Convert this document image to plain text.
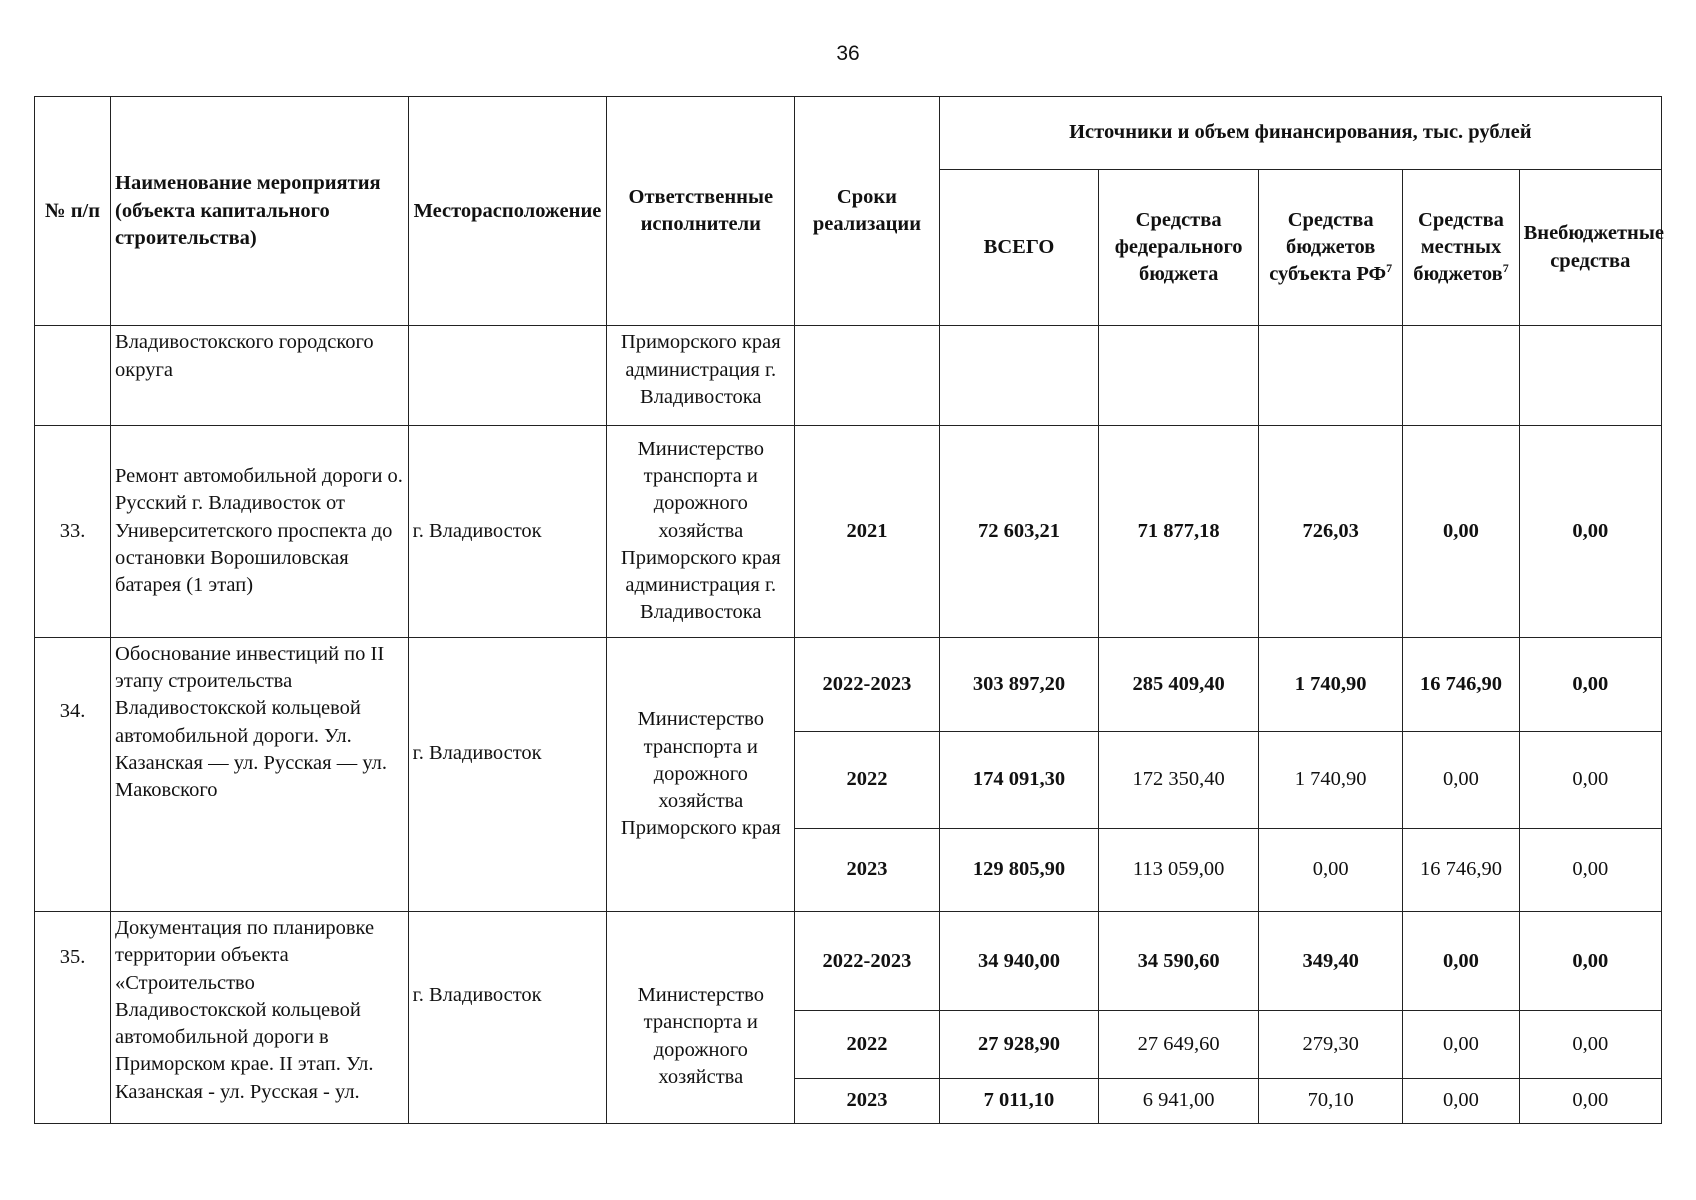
36
№ п/п	Наименование мероприятия (объекта капитального строительства)	Месторасположение	Ответственные исполнители	Сроки реализации	Источники и объем финансирования, тыс. рублей				
					ВСЕГО	Средства федерального бюджета	Средства бюджетов субъекта $РФ^7$	Средства местных бюджетов$^7$	Внебюджетные средства
	Владивостокского городского округа		Приморского края администрация г. Владивостока						
33.	Ремонт автомобильной дороги о. Русский г. Владивосток от Университетского проспекта до остановки Ворошиловская батарея (1 этап)	г. Владивосток	Министерство транспорта и дорожного хозяйства Приморского края администрация г. Владивостока	2021	72 603,21	71 877,18	726,03	0,00	0,00
34.	Обоснование инвестиций по II этапу строительства Владивостокской кольцевой автомобильной дороги. Ул. Казанская — ул. Русская — ул. Маковского	г. Владивосток	Министерство транспорта и дорожного хозяйства Приморского края	2022-2023	303 897,20	285 409,40	1 740,90	16 746,90	0,00
				2022	174 091,30	172 350,40	1 740,90	0,00	0,00
				2023	129 805,90	113 059,00	0,00	16 746,90	0,00
35.	Документация по планировке территории объекта «Строительство Владивостокской кольцевой автомобильной дороги в Приморском крае. II этап. Ул. Казанская - ул. Русская - ул.	г. Владивосток	Министерство транспорта и дорожного хозяйства	2022-2023	34 940,00	34 590,60	349,40	0,00	0,00
				2022	27 928,90	27 649,60	279,30	0,00	0,00
				2023	7 011,10	6 941,00	70,10	0,00	0,00
